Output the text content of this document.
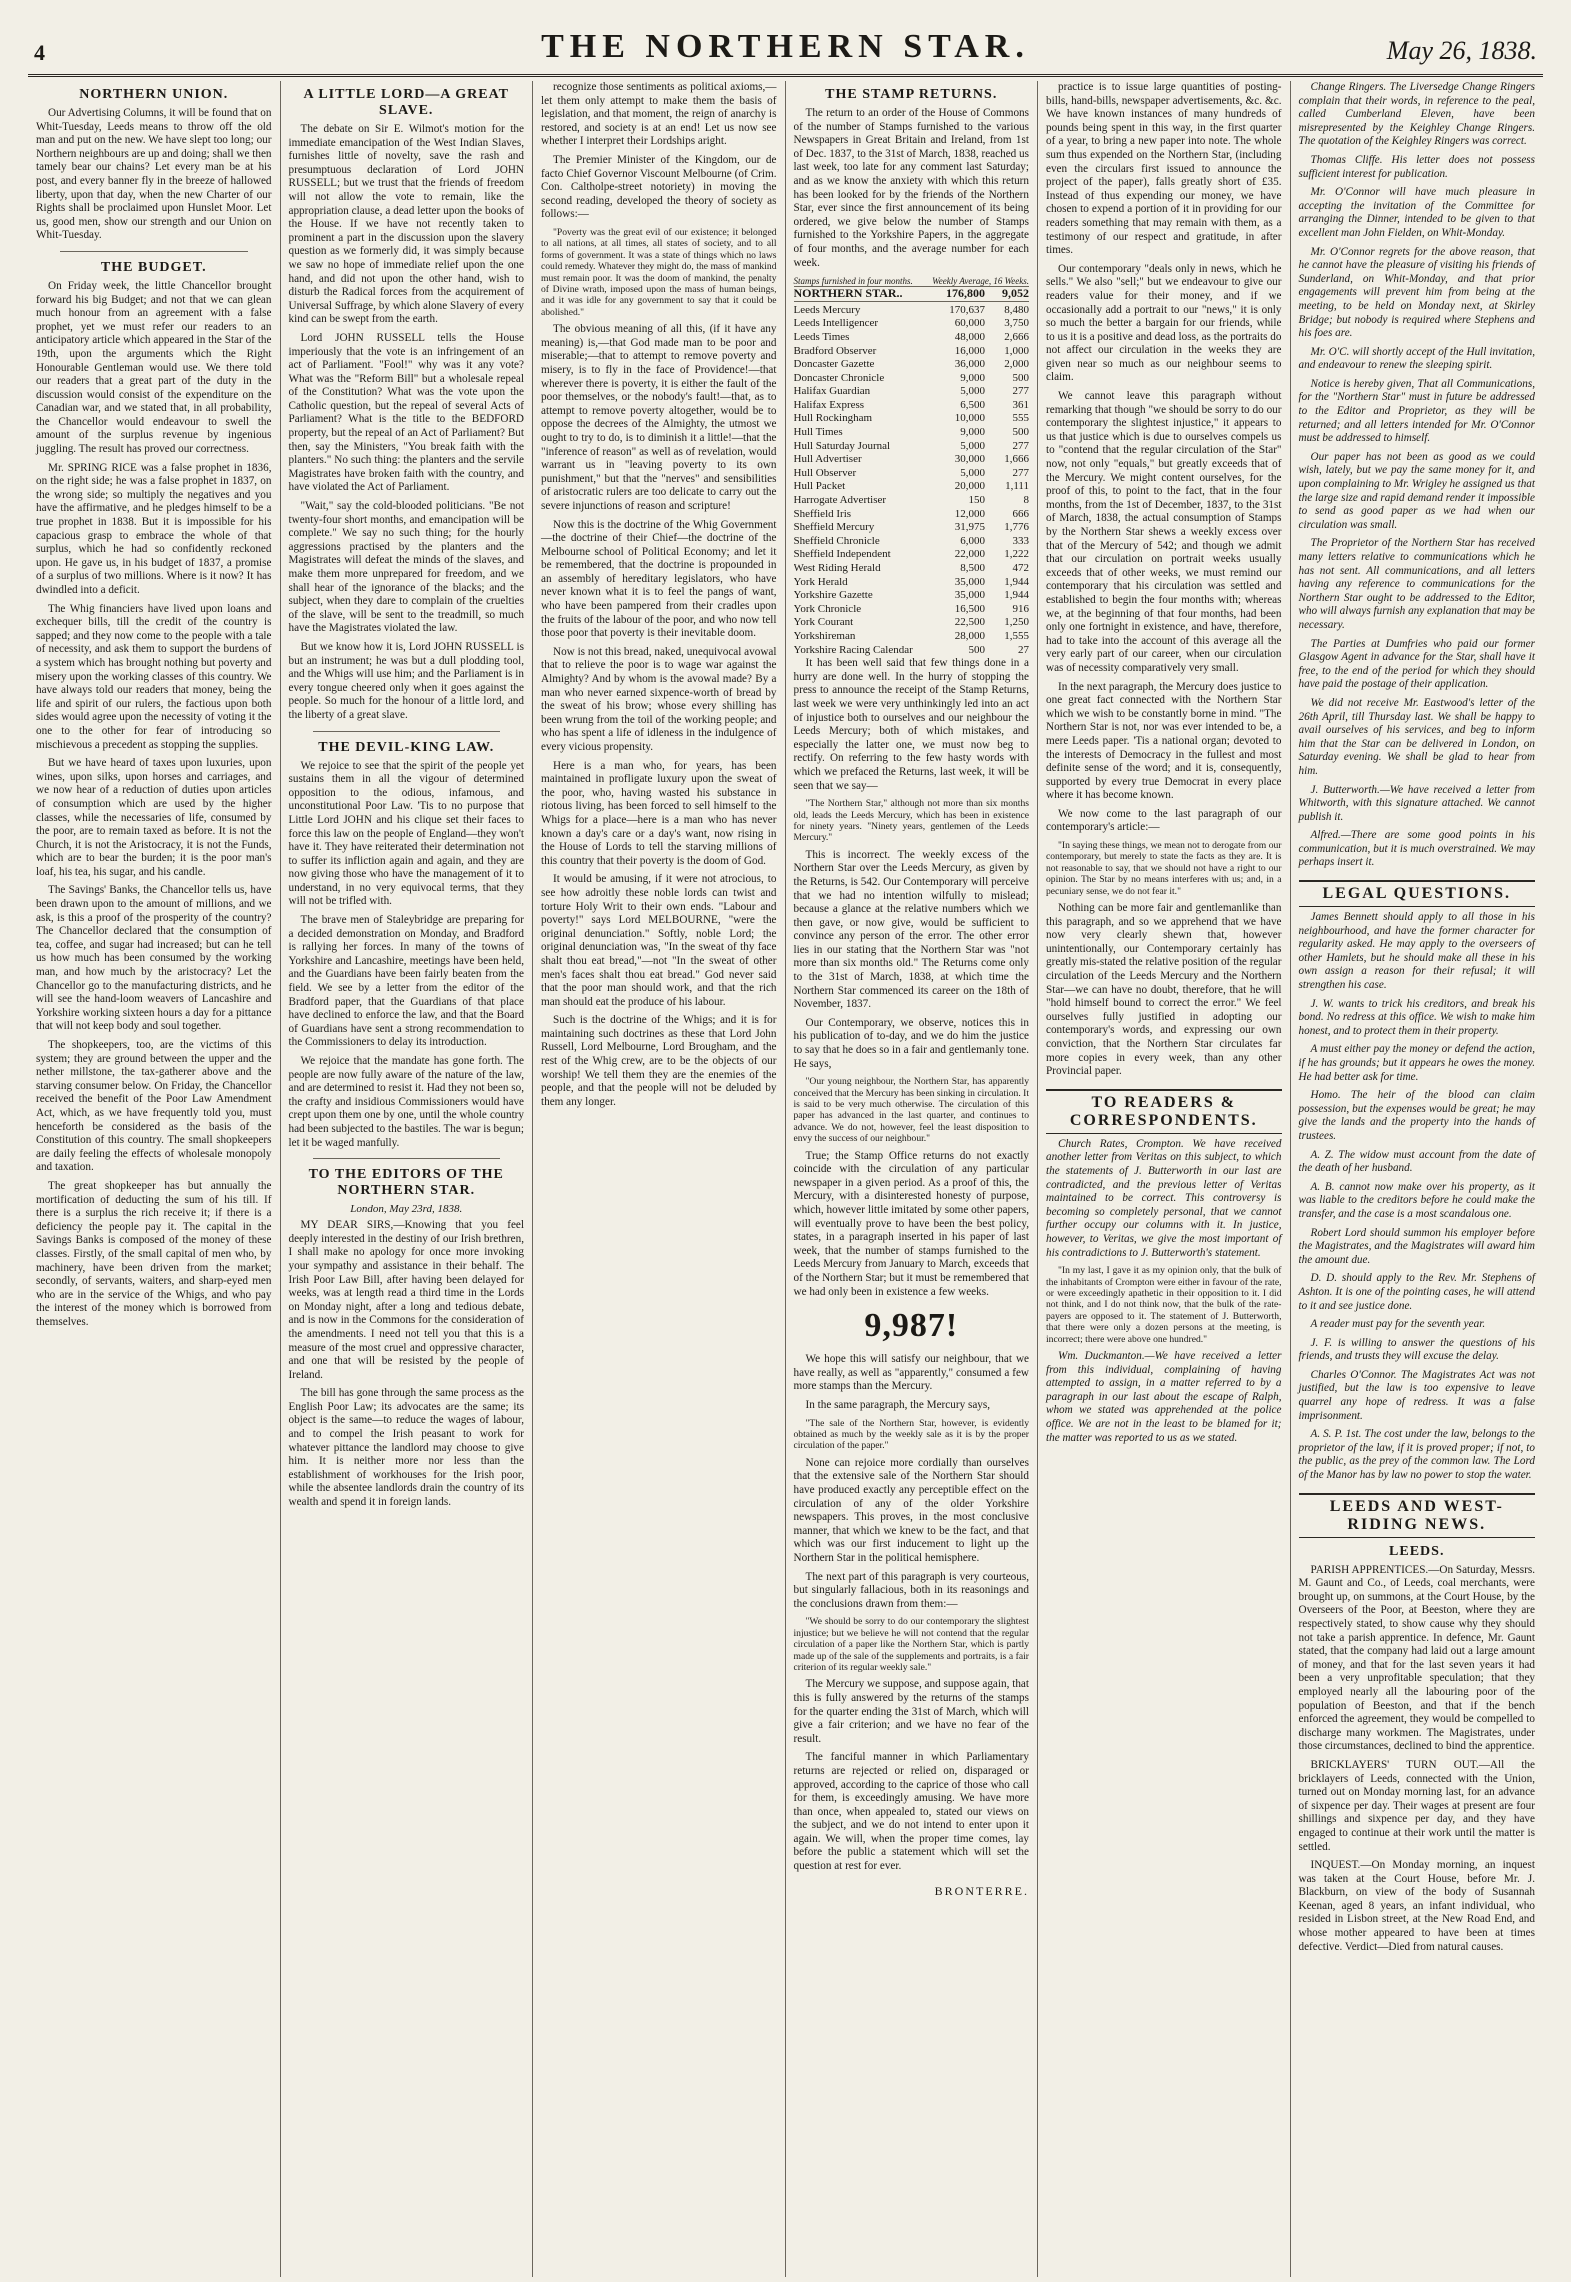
4	THE NORTHERN STAR.	May 26, 1838.
NORTHERN UNION.

Our Advertising Columns, it will be found that on Whit-Tuesday, Leeds means to throw off the old man and put on the new. We have slept too long; our Northern neighbours are up and doing; shall we then tamely bear our chains? Let every man be at his post, and every banner fly in the breeze of hallowed liberty, upon that day, when the new Charter of our Rights shall be proclaimed upon Hunslet Moor. Let us, good men, show our strength and our Union on Whit-Tuesday.

THE BUDGET.

On Friday week, the little Chancellor brought forward his big Budget; and not that we can glean much honour from an agreement with a false prophet, yet we must refer our readers to an anticipatory article which appeared in the Star of the 19th, upon the arguments which the Right Honourable Gentleman would use. We there told our readers that a great part of the duty in the discussion would consist of the expenditure on the Canadian war, and we stated that, in all probability, the Chancellor would endeavour to swell the amount of the surplus revenue by ingenious juggling. The result has proved our correctness.

Mr. SPRING RICE was a false prophet in 1836, on the right side; he was a false prophet in 1837, on the wrong side; so multiply the negatives and you have the affirmative, and he pledges himself to be a true prophet in 1838. But it is impossible for his capacious grasp to embrace the whole of that surplus, which he had so confidently reckoned upon. He gave us, in his budget of 1837, a promise of a surplus of two millions. Where is it now? It has dwindled into a deficit.

The Whig financiers have lived upon loans and exchequer bills, till the credit of the country is sapped; and they now come to the people with a tale of necessity, and ask them to support the burdens of a system which has brought nothing but poverty and misery upon the working classes of this country. We have always told our readers that money, being the life and spirit of our rulers, the factious upon both sides would agree upon the necessity of voting it the one to the other for fear of introducing so mischievous a precedent as stopping the supplies.

But we have heard of taxes upon luxuries, upon wines, upon silks, upon horses and carriages, and we now hear of a reduction of duties upon articles of consumption which are used by the higher classes, while the necessaries of life, consumed by the poor, are to remain taxed as before. It is not the Church, it is not the Aristocracy, it is not the Funds, which are to bear the burden; it is the poor man's loaf, his tea, his sugar, and his candle.

The Savings' Banks, the Chancellor tells us, have been drawn upon to the amount of millions, and we ask, is this a proof of the prosperity of the country? The Chancellor declared that the consumption of tea, coffee, and sugar had increased; but can he tell us how much has been consumed by the working man, and how much by the aristocracy? Let the Chancellor go to the manufacturing districts, and he will see the hand-loom weavers of Lancashire and Yorkshire working sixteen hours a day for a pittance that will not keep body and soul together.

The shopkeepers, too, are the victims of this system; they are ground between the upper and the nether millstone, the tax-gatherer above and the starving consumer below. On Friday, the Chancellor received the benefit of the Poor Law Amendment Act, which, as we have frequently told you, must henceforth be considered as the basis of the Constitution of this country. The small shopkeepers are daily feeling the effects of wholesale monopoly and taxation.

The great shopkeeper has but annually the mortification of deducting the sum of his till. If there is a surplus the rich receive it; if there is a deficiency the people pay it. The capital in the Savings Banks is composed of the money of these classes. Firstly, of the small capital of men who, by machinery, have been driven from the market; secondly, of servants, waiters, and sharp-eyed men who are in the service of the Whigs, and who pay the interest of the money which is borrowed from themselves.

A LITTLE LORD—A GREAT SLAVE.

The debate on Sir E. Wilmot's motion for the immediate emancipation of the West Indian Slaves, furnishes little of novelty, save the rash and presumptuous declaration of Lord JOHN RUSSELL; but we trust that the friends of freedom will not allow the vote to remain, like the appropriation clause, a dead letter upon the books of the House. If we have not recently taken to prominent a part in the discussion upon the slavery question as we formerly did, it was simply because we saw no hope of immediate relief upon the one hand, and did not upon the other hand, wish to disturb the Radical forces from the acquirement of Universal Suffrage, by which alone Slavery of every kind can be swept from the earth.

Lord JOHN RUSSELL tells the House imperiously that the vote is an infringement of an act of Parliament. "Fool!" why was it any vote? What was the "Reform Bill" but a wholesale repeal of the Constitution? What was the vote upon the Catholic question, but the repeal of several Acts of Parliament? What is the title to the BEDFORD property, but the repeal of an Act of Parliament? But then, say the Ministers, "You break faith with the planters." No such thing: the planters and the servile Magistrates have broken faith with the country, and have violated the Act of Parliament.

"Wait," say the cold-blooded politicians. "Be not twenty-four short months, and emancipation will be complete." We say no such thing; for the hourly aggressions practised by the planters and the Magistrates will defeat the minds of the slaves, and make them more unprepared for freedom, and we shall hear of the ignorance of the blacks; and the subject, when they dare to complain of the cruelties of the slave, will be sent to the treadmill, so much have the Magistrates violated the law.

But we know how it is, Lord JOHN RUSSELL is but an instrument; he was but a dull plodding tool, and the Whigs will use him; and the Parliament is in every tongue cheered only when it goes against the people. So much for the honour of a little lord, and the liberty of a great slave.

THE DEVIL-KING LAW.

We rejoice to see that the spirit of the people yet sustains them in all the vigour of determined opposition to the odious, infamous, and unconstitutional Poor Law. 'Tis to no purpose that Little Lord JOHN and his clique set their faces to force this law on the people of England—they won't have it. They have reiterated their determination not to suffer its infliction again and again, and they are now giving those who have the management of it to understand, in no very equivocal terms, that they will not be trifled with.

The brave men of Staleybridge are preparing for a decided demonstration on Monday, and Bradford is rallying her forces. In many of the towns of Yorkshire and Lancashire, meetings have been held, and the Guardians have been fairly beaten from the field. We see by a letter from the editor of the Bradford paper, that the Guardians of that place have declined to enforce the law, and that the Board of Guardians have sent a strong recommendation to the Commissioners to delay its introduction.

We rejoice that the mandate has gone forth. The people are now fully aware of the nature of the law, and are determined to resist it. Had they not been so, the crafty and insidious Commissioners would have crept upon them one by one, until the whole country had been subjected to the bastiles. The war is begun; let it be waged manfully.

TO THE EDITORS OF THE NORTHERN STAR.
London, May 23rd, 1838.

MY DEAR SIRS,—Knowing that you feel deeply interested in the destiny of our Irish brethren, I shall make no apology for once more invoking your sympathy and assistance in their behalf. The Irish Poor Law Bill, after having been delayed for weeks, was at length read a third time in the Lords on Monday night, after a long and tedious debate, and is now in the Commons for the consideration of the amendments. I need not tell you that this is a measure of the most cruel and oppressive character, and one that will be resisted by the people of Ireland.

The bill has gone through the same process as the English Poor Law; its advocates are the same; its object is the same—to reduce the wages of labour, and to compel the Irish peasant to work for whatever pittance the landlord may choose to give him. It is neither more nor less than the establishment of workhouses for the Irish poor, while the absentee landlords drain the country of its wealth and spend it in foreign lands.

recognize those sentiments as political axioms,—let them only attempt to make them the basis of legislation, and that moment, the reign of anarchy is restored, and society is at an end! Let us now see whether I interpret their Lordships aright.

The Premier Minister of the Kingdom, our de facto Chief Governor Viscount Melbourne (of Crim. Con. Caltholpe-street notoriety) in moving the second reading, developed the theory of society as follows:—

"Poverty was the great evil of our existence; it belonged to all nations, at all times, all states of society, and to all forms of government. It was a state of things which no laws could remedy. Whatever they might do, the mass of mankind must remain poor. It was the doom of mankind, the penalty of Divine wrath, imposed upon the mass of human beings, and it was idle for any government to say that it could be abolished."

The obvious meaning of all this, (if it have any meaning) is,—that God made man to be poor and miserable;—that to attempt to remove poverty and misery, is to fly in the face of Providence!—that wherever there is poverty, it is either the fault of the poor themselves, or the nobody's fault!—that, as to attempt to remove poverty altogether, would be to oppose the decrees of the Almighty, the utmost we ought to try to do, is to diminish it a little!—that the "inference of reason" as well as of revelation, would warrant us in "leaving poverty to its own punishment," but that the "nerves" and sensibilities of aristocratic rulers are too delicate to carry out the severe injunctions of reason and scripture!

Now this is the doctrine of the Whig Government—the doctrine of their Chief—the doctrine of the Melbourne school of Political Economy; and let it be remembered, that the doctrine is propounded in an assembly of hereditary legislators, who have never known what it is to feel the pangs of want, who have been pampered from their cradles upon the fruits of the labour of the poor, and who now tell those poor that poverty is their inevitable doom.

Now is not this bread, naked, unequivocal avowal that to relieve the poor is to wage war against the Almighty? And by whom is the avowal made? By a man who never earned sixpence-worth of bread by the sweat of his brow; whose every shilling has been wrung from the toil of the working people; and who has spent a life of idleness in the indulgence of every vicious propensity.

Here is a man who, for years, has been maintained in profligate luxury upon the sweat of the poor, who, having wasted his substance in riotous living, has been forced to sell himself to the Whigs for a place—here is a man who has never known a day's care or a day's want, now rising in the House of Lords to tell the starving millions of this country that their poverty is the doom of God.

It would be amusing, if it were not atrocious, to see how adroitly these noble lords can twist and torture Holy Writ to their own ends. "Labour and poverty!" says Lord MELBOURNE, "were the original denunciation." Softly, noble Lord; the original denunciation was, "In the sweat of thy face shalt thou eat bread,"—not "In the sweat of other men's faces shalt thou eat bread." God never said that the poor man should work, and that the rich man should eat the produce of his labour.

Such is the doctrine of the Whigs; and it is for maintaining such doctrines as these that Lord John Russell, Lord Melbourne, Lord Brougham, and the rest of the Whig crew, are to be the objects of our worship! We tell them they are the enemies of the people, and that the people will not be deluded by them any longer.

THE STAMP RETURNS.

The return to an order of the House of Commons of the number of Stamps furnished to the various Newspapers in Great Britain and Ireland, from 1st of Dec. 1837, to the 31st of March, 1838, reached us last week, too late for any comment last Saturday; and as we know the anxiety with which this return has been looked for by the friends of the Northern Star, ever since the first announcement of its being ordered, we give below the number of Stamps furnished to the Yorkshire Papers, in the aggregate of four months, and the average number for each week.

Stamps furnished in four months. Weekly Average, 16 Weeks.
NORTHERN STAR..	176,800	9,052
Leeds Mercury	170,637	8,480
Leeds Intelligencer	60,000	3,750
Leeds Times	48,000	2,666
Bradford Observer	16,000	1,000
Doncaster Gazette	36,000	2,000
Doncaster Chronicle	9,000	500
Halifax Guardian	5,000	277
Halifax Express	6,500	361
Hull Rockingham	10,000	555
Hull Times	9,000	500
Hull Saturday Journal	5,000	277
Hull Advertiser	30,000	1,666
Hull Observer	5,000	277
Hull Packet	20,000	1,111
Harrogate Advertiser	150	8
Sheffield Iris	12,000	666
Sheffield Mercury	31,975	1,776
Sheffield Chronicle	6,000	333
Sheffield Independent	22,000	1,222
West Riding Herald	8,500	472
York Herald	35,000	1,944
Yorkshire Gazette	35,000	1,944
York Chronicle	16,500	916
York Courant	22,500	1,250
Yorkshireman	28,000	1,555
Yorkshire Racing Calendar	500	27

It has been well said that few things done in a hurry are done well. In the hurry of stopping the press to announce the receipt of the Stamp Returns, last week we were very unthinkingly led into an act of injustice both to ourselves and our neighbour the Leeds Mercury; both of which mistakes, and especially the latter one, we must now beg to rectify. On referring to the few hasty words with which we prefaced the Returns, last week, it will be seen that we say—

"The Northern Star," although not more than six months old, leads the Leeds Mercury, which has been in existence for ninety years. "Ninety years, gentlemen of the Leeds Mercury."

This is incorrect. The weekly excess of the Northern Star over the Leeds Mercury, as given by the Returns, is 542. Our Contemporary will perceive that we had no intention wilfully to mislead; because a glance at the relative numbers which we then gave, or now give, would be sufficient to convince any person of the error. The other error lies in our stating that the Northern Star was "not more than six months old." The Returns come only to the 31st of March, 1838, at which time the Northern Star commenced its career on the 18th of November, 1837.

Our Contemporary, we observe, notices this in his publication of to-day, and we do him the justice to say that he does so in a fair and gentlemanly tone. He says,

"Our young neighbour, the Northern Star, has apparently conceived that the Mercury has been sinking in circulation. It is said to be very much otherwise. The circulation of this paper has advanced in the last quarter, and continues to advance. We do not, however, feel the least disposition to envy the success of our neighbour."

True; the Stamp Office returns do not exactly coincide with the circulation of any particular newspaper in a given period. As a proof of this, the Mercury, with a disinterested honesty of purpose, which, however little imitated by some other papers, will eventually prove to have been the best policy, states, in a paragraph inserted in his paper of last week, that the number of stamps furnished to the Leeds Mercury from January to March, exceeds that of the Northern Star; but it must be remembered that we had only been in existence a few weeks.

9,987!

We hope this will satisfy our neighbour, that we have really, as well as "apparently," consumed a few more stamps than the Mercury.

In the same paragraph, the Mercury says,

"The sale of the Northern Star, however, is evidently obtained as much by the weekly sale as it is by the proper circulation of the paper."

None can rejoice more cordially than ourselves that the extensive sale of the Northern Star should have produced exactly any perceptible effect on the circulation of any of the older Yorkshire newspapers. This proves, in the most conclusive manner, that which we knew to be the fact, and that which was our first inducement to light up the Northern Star in the political hemisphere.

The next part of this paragraph is very courteous, but singularly fallacious, both in its reasonings and the conclusions drawn from them:—

"We should be sorry to do our contemporary the slightest injustice; but we believe he will not contend that the regular circulation of a paper like the Northern Star, which is partly made up of the sale of the supplements and portraits, is a fair criterion of its regular weekly sale."

The Mercury we suppose, and suppose again, that this is fully answered by the returns of the stamps for the quarter ending the 31st of March, which will give a fair criterion; and we have no fear of the result.

The fanciful manner in which Parliamentary returns are rejected or relied on, disparaged or approved, according to the caprice of those who call for them, is exceedingly amusing. We have more than once, when appealed to, stated our views on the subject, and we do not intend to enter upon it again. We will, when the proper time comes, lay before the public a statement which will set the question at rest for ever.

BRONTERRE.

practice is to issue large quantities of posting-bills, hand-bills, newspaper advertisements, &c. &c. We have known instances of many hundreds of pounds being spent in this way, in the first quarter of a year, to bring a new paper into note. The whole sum thus expended on the Northern Star, (including even the circulars first issued to announce the project of the paper), falls greatly short of £35. Instead of thus expending our money, we have chosen to expend a portion of it in providing for our readers something that may remain with them, as a testimony of our respect and gratitude, in after times.

Our contemporary "deals only in news, which he sells." We also "sell;" but we endeavour to give our readers value for their money, and if we occasionally add a portrait to our "news," it is only so much the better a bargain for our friends, while to us it is a positive and dead loss, as the portraits do not affect our circulation in the weeks they are given near so much as our neighbour seems to claim.

We cannot leave this paragraph without remarking that though "we should be sorry to do our contemporary the slightest injustice," it appears to us that justice which is due to ourselves compels us to "contend that the regular circulation of the Star" now, not only "equals," but greatly exceeds that of the Mercury. We might content ourselves, for the proof of this, to point to the fact, that in the four months, from the 1st of December, 1837, to the 31st of March, 1838, the actual consumption of Stamps by the Northern Star shews a weekly excess over that of the Mercury of 542; and though we admit that our circulation on portrait weeks usually exceeds that of other weeks, we must remind our contemporary that his circulation was settled and established to begin the four months with; whereas we, at the beginning of that four months, had been only one fortnight in existence, and have, therefore, had to take into the account of this average all the very early part of our career, when our circulation was of necessity comparatively very small.

In the next paragraph, the Mercury does justice to one great fact connected with the Northern Star which we wish to be constantly borne in mind. "The Northern Star is not, nor was ever intended to be, a mere Leeds paper. 'Tis a national organ; devoted to the interests of Democracy in the fullest and most definite sense of the word; and it is, consequently, supported by every true Democrat in every place where it has become known.

We now come to the last paragraph of our contemporary's article:—

"In saying these things, we mean not to derogate from our contemporary, but merely to state the facts as they are. It is not reasonable to say, that we should not have a right to our opinion. The Star by no means interferes with us; and, in a pecuniary sense, we do not fear it."

Nothing can be more fair and gentlemanlike than this paragraph, and so we apprehend that we have now very clearly shewn that, however unintentionally, our Contemporary certainly has greatly mis-stated the relative position of the regular circulation of the Leeds Mercury and the Northern Star—we can have no doubt, therefore, that he will "hold himself bound to correct the error." We feel ourselves fully justified in adopting our contemporary's words, and expressing our own conviction, that the Northern Star circulates far more copies in every week, than any other Provincial paper.

TO READERS & CORRESPONDENTS.

Church Rates, Crompton. We have received another letter from Veritas on this subject, to which the statements of J. Butterworth in our last are contradicted, and the previous letter of Veritas maintained to be correct. This controversy is becoming so completely personal, that we cannot further occupy our columns with it. In justice, however, to Veritas, we give the most important of his contradictions to J. Butterworth's statement.

"In my last, I gave it as my opinion only, that the bulk of the inhabitants of Crompton were either in favour of the rate, or were exceedingly apathetic in their opposition to it. I did not think, and I do not think now, that the bulk of the rate-payers are opposed to it. The statement of J. Butterworth, that there were only a dozen persons at the meeting, is incorrect; there were above one hundred."

Wm. Duckmanton.—We have received a letter from this individual, complaining of having attempted to assign, in a matter referred to by a paragraph in our last about the escape of Ralph, whom we stated was apprehended at the police office. We are not in the least to be blamed for it; the matter was reported to us as we stated.

Change Ringers. The Liversedge Change Ringers complain that their words, in reference to the peal, called Cumberland Eleven, have been misrepresented by the Keighley Change Ringers. The quotation of the Keighley Ringers was correct.

Thomas Cliffe. His letter does not possess sufficient interest for publication.

Mr. O'Connor will have much pleasure in accepting the invitation of the Committee for arranging the Dinner, intended to be given to that excellent man John Fielden, on Whit-Monday.

Mr. O'Connor regrets for the above reason, that he cannot have the pleasure of visiting his friends of Sunderland, on Whit-Monday, and that prior engagements will prevent him from being at the meeting, to be held on Monday next, at Skirley Bridge; but nobody is required where Stephens and his foes are.

Mr. O'C. will shortly accept of the Hull invitation, and endeavour to renew the sleeping spirit.

Notice is hereby given, That all Communications, for the "Northern Star" must in future be addressed to the Editor and Proprietor, as they will be returned; and all letters intended for Mr. O'Connor must be addressed to himself.

Our paper has not been as good as we could wish, lately, but we pay the same money for it, and upon complaining to Mr. Wrigley he assigned us that the large size and rapid demand render it impossible to send as good paper as we had when our circulation was small.

The Proprietor of the Northern Star has received many letters relative to communications which he has not sent. All communications, and all letters having any reference to communications for the Northern Star ought to be addressed to the Editor, who will always furnish any explanation that may be necessary.

The Parties at Dumfries who paid our former Glasgow Agent in advance for the Star, shall have it free, to the end of the period for which they should have paid the postage of their application.

We did not receive Mr. Eastwood's letter of the 26th April, till Thursday last. We shall be happy to avail ourselves of his services, and beg to inform him that the Star can be delivered in London, on Saturday evening. We shall be glad to hear from him.

J. Butterworth.—We have received a letter from Whitworth, with this signature attached. We cannot publish it.

Alfred.—There are some good points in his communication, but it is much overstrained. We may perhaps insert it.

LEGAL QUESTIONS.

James Bennett should apply to all those in his neighbourhood, and have the former character for regularity asked. He may apply to the overseers of other Hamlets, but he should make all these in his own assign a reason for their refusal; it will strengthen his case.

J. W. wants to trick his creditors, and break his bond. No redress at this office. We wish to make him honest, and to protect them in their property.

A must either pay the money or defend the action, if he has grounds; but it appears he owes the money. He had better ask for time.

Homo. The heir of the blood can claim possession, but the expenses would be great; he may give the lands and the property into the hands of trustees.

A. Z. The widow must account from the date of the death of her husband.

A. B. cannot now make over his property, as it was liable to the creditors before he could make the transfer, and the case is a most scandalous one.

Robert Lord should summon his employer before the Magistrates, and the Magistrates will award him the amount due.

D. D. should apply to the Rev. Mr. Stephens of Ashton. It is one of the pointing cases, he will attend to it and see justice done.

A reader must pay for the seventh year.

J. F. is willing to answer the questions of his friends, and trusts they will excuse the delay.

Charles O'Connor. The Magistrates Act was not justified, but the law is too expensive to leave quarrel any hope of redress. It was a false imprisonment.

A. S. P. 1st. The cost under the law, belongs to the proprietor of the law, if it is proved proper; if not, to the public, as the prey of the common law. The Lord of the Manor has by law no power to stop the water.

LEEDS AND WEST-RIDING NEWS.
LEEDS.

PARISH APPRENTICES.—On Saturday, Messrs. M. Gaunt and Co., of Leeds, coal merchants, were brought up, on summons, at the Court House, by the Overseers of the Poor, at Beeston, where they are respectively stated, to show cause why they should not take a parish apprentice. In defence, Mr. Gaunt stated, that the company had laid out a large amount of money, and that for the last seven years it had been a very unprofitable speculation; that they employed nearly all the labouring poor of the population of Beeston, and that if the bench enforced the agreement, they would be compelled to discharge many workmen. The Magistrates, under those circumstances, declined to bind the apprentice.

BRICKLAYERS' TURN OUT.—All the bricklayers of Leeds, connected with the Union, turned out on Monday morning last, for an advance of sixpence per day. Their wages at present are four shillings and sixpence per day, and they have engaged to continue at their work until the matter is settled.

INQUEST.—On Monday morning, an inquest was taken at the Court House, before Mr. J. Blackburn, on view of the body of Susannah Keenan, aged 8 years, an infant individual, who resided in Lisbon street, at the New Road End, and whose mother appeared to have been at times defective. Verdict—Died from natural causes.
